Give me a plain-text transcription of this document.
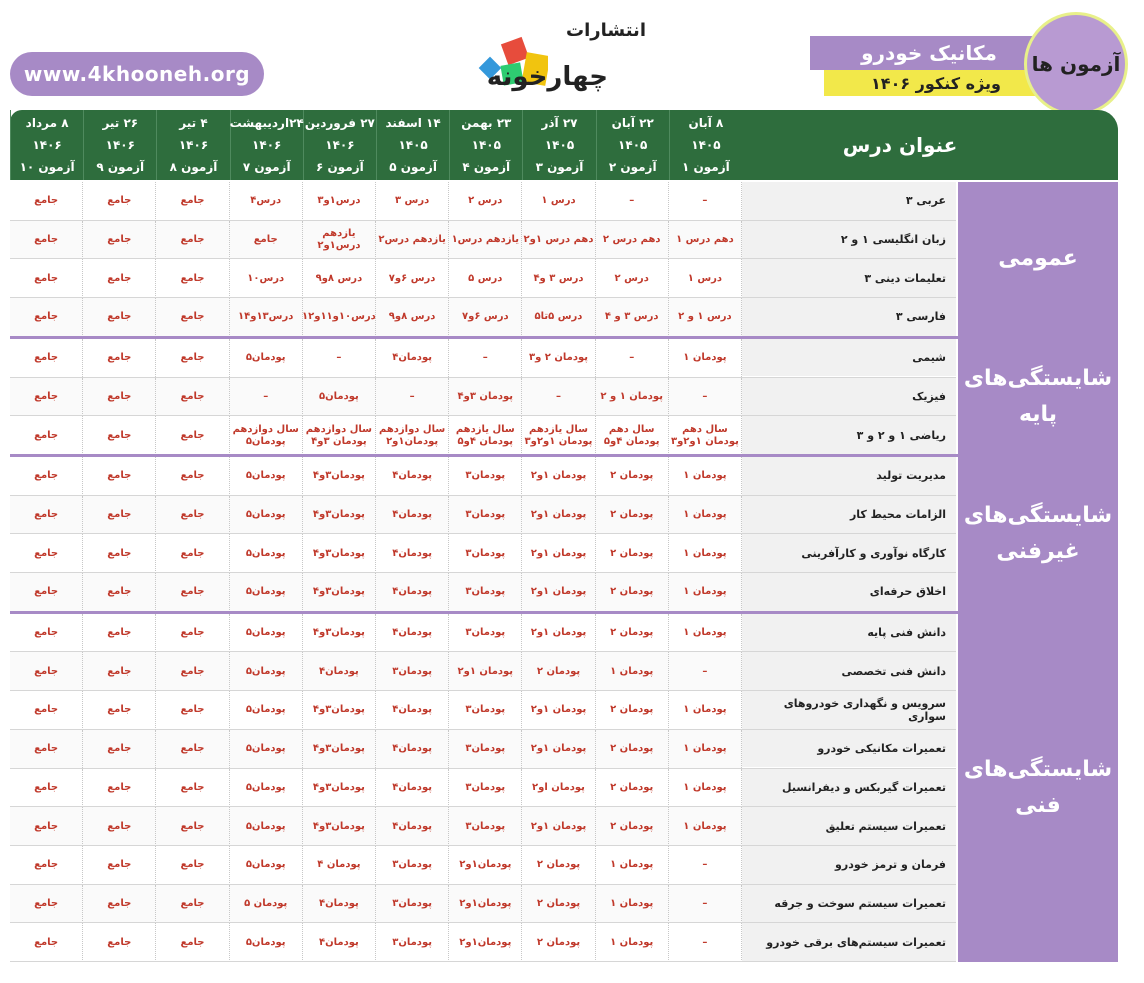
www.4khooneh.org
انتشارات
چهارخونه
مکانیک خودرو
ویژه کنکور ۱۴۰۶
آزمون ها
عنوان درس
۸ آبان
۱۴۰۵
آزمون ۱
۲۲ آبان
۱۴۰۵
آزمون ۲
۲۷ آذر
۱۴۰۵
آزمون ۳
۲۳ بهمن
۱۴۰۵
آزمون ۴
۱۴ اسفند
۱۴۰۵
آزمون ۵
۲۷ فروردین
۱۴۰۶
آزمون ۶
۲۴اردیبهشت
۱۴۰۶
آزمون ۷
۴ تیر
۱۴۰۶
آزمون ۸
۲۶ تیر
۱۴۰۶
آزمون ۹
۸ مرداد
۱۴۰۶
آزمون ۱۰
عربی ۳
–
–
درس ۱
درس ۲
درس ۳
درس۱و۳
درس۴
جامع
جامع
جامع
زبان انگلیسی ۱ و ۲
دهم درس ۱
دهم درس ۲
دهم درس ۱و۲
یازدهم درس۱
یازدهم درس۲
یازدهم درس۱و۲
جامع
جامع
جامع
جامع
تعلیمات دینی ۳
درس ۱
درس ۲
درس ۳ و۴
درس ۵
درس ۶و۷
درس ۸و۹
درس۱۰
جامع
جامع
جامع
فارسی ۳
درس ۱ و ۲
درس ۳ و ۴
درس ۵تا۵
درس ۶و۷
درس ۸و۹
درس۱۰و۱۱و۱۲
درس۱۳و۱۴
جامع
جامع
جامع
عمومی
شیمی
پودمان ۱
–
پودمان ۲ و۳
–
پودمان۴
–
پودمان۵
جامع
جامع
جامع
فیزیک
–
پودمان ۱ و ۲
–
پودمان ۳و۴
–
پودمان۵
–
جامع
جامع
جامع
ریاضی ۱ و ۲ و ۳
سال دهم
پودمان ۱و۲و۳
سال دهم
پودمان ۴و۵
سال یازدهم
پودمان ۱و۲و۳
سال یازدهم
پودمان ۴و۵
سال دوازدهم
پودمان۱و۲
سال دوازدهم
پودمان ۳و۴
سال دوازدهم
پودمان۵
جامع
جامع
جامع
شایستگی‌های
پایه
مدیریت تولید
پودمان ۱
پودمان ۲
پودمان ۱و۲
پودمان۳
پودمان۴
پودمان۳و۴
پودمان۵
جامع
جامع
جامع
الزامات محیط کار
پودمان ۱
پودمان ۲
پودمان ۱و۲
پودمان۳
پودمان۴
پودمان۳و۴
پودمان۵
جامع
جامع
جامع
کارگاه نوآوری و کارآفرینی
پودمان ۱
پودمان ۲
پودمان ۱و۲
پودمان۳
پودمان۴
پودمان۳و۴
پودمان۵
جامع
جامع
جامع
اخلاق حرفه‌ای
پودمان ۱
پودمان ۲
پودمان ۱و۲
پودمان۳
پودمان۴
پودمان۳و۴
پودمان۵
جامع
جامع
جامع
شایستگی‌های
غیرفنی
دانش فنی پایه
پودمان ۱
پودمان ۲
پودمان ۱و۲
پودمان۳
پودمان۴
پودمان۳و۴
پودمان۵
جامع
جامع
جامع
دانش فنی تخصصی
–
پودمان ۱
پودمان ۲
پودمان ۱و۲
پودمان۳
پودمان۴
پودمان۵
جامع
جامع
جامع
سرویس و نگهداری خودروهای سواری
پودمان ۱
پودمان ۲
پودمان ۱و۲
پودمان۳
پودمان۴
پودمان۳و۴
پودمان۵
جامع
جامع
جامع
تعمیرات مکانیکی خودرو
پودمان ۱
پودمان ۲
پودمان ۱و۲
پودمان۳
پودمان۴
پودمان۳و۴
پودمان۵
جامع
جامع
جامع
تعمیرات گیربکس و دیفرانسیل
پودمان ۱
پودمان ۲
پودمان او۲
پودمان۳
پودمان۴
پودمان۳و۴
پودمان۵
جامع
جامع
جامع
تعمیرات سیستم تعلیق
پودمان ۱
پودمان ۲
پودمان ۱و۲
پودمان۳
پودمان۴
پودمان۳و۴
پودمان۵
جامع
جامع
جامع
فرمان و ترمز خودرو
–
پودمان ۱
پودمان ۲
پودمان۱و۲
پودمان۳
پودمان ۴
پودمان۵
جامع
جامع
جامع
تعمیرات سیستم سوخت و جرقه
–
پودمان ۱
پودمان ۲
پودمان۱و۲
پودمان۳
پودمان۴
پودمان ۵
جامع
جامع
جامع
تعمیرات سیستم‌های برقی خودرو
–
پودمان ۱
پودمان ۲
پودمان۱و۲
پودمان۳
پودمان۴
پودمان۵
جامع
جامع
جامع
شایستگی‌های
فنی
